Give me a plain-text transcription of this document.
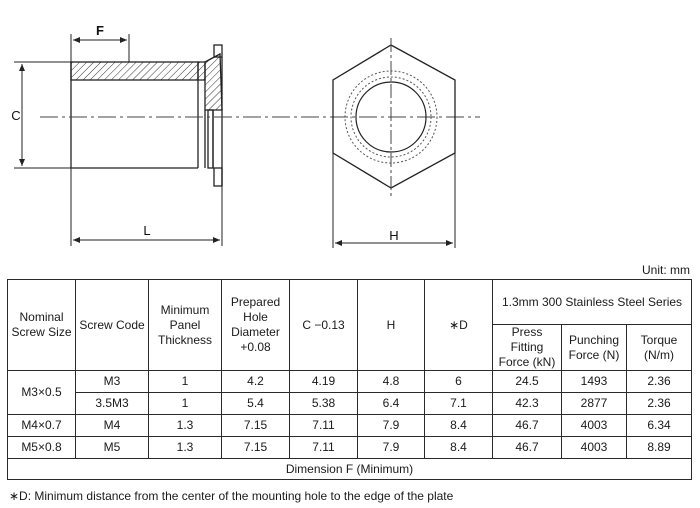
F
C
L	H
Unit: mm
Nominal Screw Size	Screw Code	Minimum Panel Thickness	Prepared Hole Diameter +0.08	C −0.13	H	∗D	1.3mm 300 Stainless Steel Series		
							Press Fitting Force (kN)	Punching Force (N)	Torque (N/m)
M3×0.5	M3	1	4.2	4.19	4.8	6	24.5	1493	2.36
	3.5M3	1	5.4	5.38	6.4	7.1	42.3	2877	2.36
M4×0.7	M4	1.3	7.15	7.11	7.9	8.4	46.7	4003	6.34
M5×0.8	M5	1.3	7.15	7.11	7.9	8.4	46.7	4003	8.89
Dimension F (Minimum)									
∗D: Minimum distance from the center of the mounting hole to the edge of the plate
